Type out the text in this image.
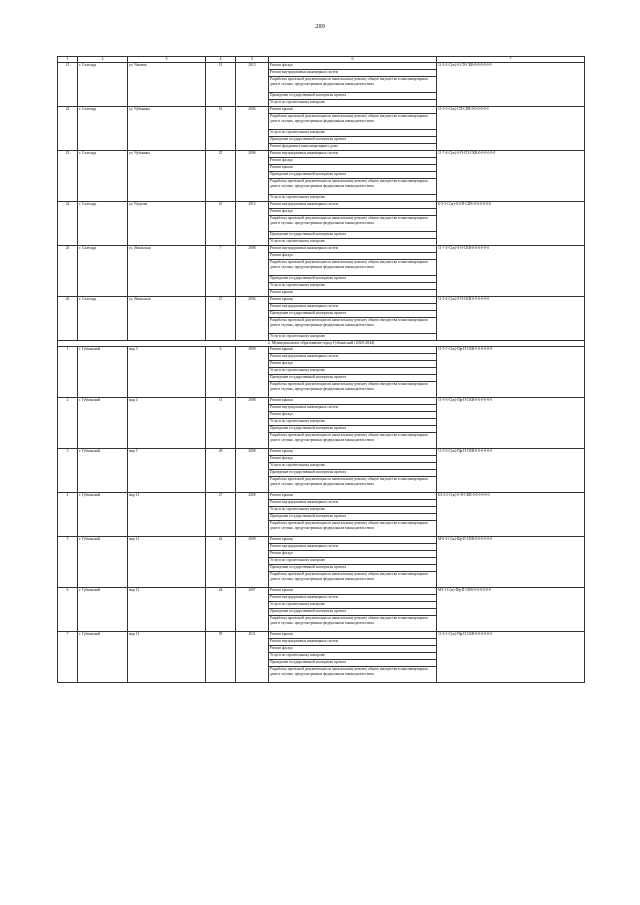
289
1	2	3	4	5	6	7
21	г. Салехард	ул. Чапаева	13	2013	Ремонт фасада	11-3-2-С(ж)-0-СП-СКВ-0-0-0-0-0-0
					Ремонт внутридомовых инженерных систем	
					Разработка проектной документации по капитальному ремонту общего имущества в многоквартирном доме в случаях, предусмотренных федеральным законодательством	
					Проведение государственной экспертизы проекта	
					Услуги по строительному контролю	
22	г. Салехард	ул. Чубынина	16	2004	Ремонт крыши	11-5-5-С(ж)-СП-СКВ-0-0-0-0-0-0
					Разработка проектной документации по капитальному ремонту общего имущества в многоквартирном доме в случаях, предусмотренных федеральным законодательством	
					Услуги по строительному контролю	
					Проведение государственной экспертизы проекта	
					Ремонт фундамента многоквартирного дома	
23	г. Салехард	ул. Чубынина	25	2006	Ремонт внутридомовых инженерных систем	11-7-4-С(ж)-0-П-СП-СКВ-0-0-0-0-0-0
					Ремонт фасада	
					Ремонт крыши	
					Проведение государственной экспертизы проекта	
					Разработка проектной документации по капитальному ремонту общего имущества в многоквартирном доме в случаях, предусмотренных федеральным законодательством	
					Услуги по строительному контролю	
24	г. Салехард	ул. Чупрова	10	2015	Ремонт внутридомовых инженерных систем	Б-5-3-С(ж)-0-0-П-СКВ-0-0-0-0-0-0
					Ремонт фасада	
					Разработка проектной документации по капитальному ремонту общего имущества в многоквартирном доме в случаях, предусмотренных федеральным законодательством	
					Проведение государственной экспертизы проекта	
					Услуги по строительному контролю	
25	г. Салехард	ул. Ямальская	7	2008	Ремонт внутридомовых инженерных систем	11-7-4-С(ж)-0-П-СКВ-0-0-0-0-0-0
					Ремонт фасада	
					Разработка проектной документации по капитальному ремонту общего имущества в многоквартирном доме в случаях, предусмотренных федеральным законодательством	
					Проведение государственной экспертизы проекта	
					Услуги по строительному контролю	
					Ремонт крыши	
26	г. Салехард	ул. Ямальская	27	2004	Ремонт крыши	11-5-2-С(ж)-0-П-СКВ-0-0-0-0-0-0
					Ремонт внутридомовых инженерных систем	
					Проведение государственной экспертизы проекта	
					Разработка проектной документации по капитальному ремонту общего имущества в многоквартирном доме в случаях, предусмотренных федеральным законодательством	
					Услуги по строительному контролю	
2. Муниципальное образование город Губкинский (2020-2044)						
1	г. Губкинский	мкр 3	6	2009	Ремонт крыши	11-5-7-С(ж)-Пф-П-СКВ-0-0-0-0-0-0
					Ремонт внутридомовых инженерных систем	
					Ремонт фасада	
					Услуги по строительному контролю	
					Проведение государственной экспертизы проекта	
					Разработка проектной документации по капитальному ремонту общего имущества в многоквартирном доме в случаях, предусмотренных федеральным законодательством	
2	г. Губкинский	мкр 4	13	2008	Ремонт крыши	11-5-5-С(ж)-Пф-П-СКВ-0-0-0-0-0-0
					Ремонт внутридомовых инженерных систем	
					Ремонт фасада	
					Услуги по строительному контролю	
					Проведение государственной экспертизы проекта	
					Разработка проектной документации по капитальному ремонту общего имущества в многоквартирном доме в случаях, предусмотренных федеральным законодательством	
3	г. Губкинский	мкр 5	28	2008	Ремонт крыши	11-5-3-С(ж)-Пф-П-СКВ-0-0-0-0-0-0
					Ремонт фасада	
					Услуги по строительному контролю	
					Проведение государственной экспертизы проекта	
					Разработка проектной документации по капитальному ремонту общего имущества в многоквартирном доме в случаях, предусмотренных федеральным законодательством	
4	г. Губкинский	мкр 12	27	2008	Ремонт крыши	БЗ-3-2-С(ж)-0-П-СКВ-0-0-0-0-0-0
					Ремонт внутридомовых инженерных систем	
					Услуги по строительному контролю	
					Проведение государственной экспертизы проекта	
					Разработка проектной документации по капитальному ремонту общего имущества в многоквартирном доме в случаях, предусмотренных федеральным законодательством	
5	г. Губкинский	мкр 12	42	2009	Ремонт крыши	М-0-3-С(ж)-Пф-П-СКВ-0-0-0-0-0-0
					Ремонт внутридомовых инженерных систем	
					Ремонт фасада	
					Услуги по строительному контролю	
					Проведение государственной экспертизы проекта	
					Разработка проектной документации по капитальному ремонту общего имущества в многоквартирном доме в случаях, предусмотренных федеральным законодательством	
6	г. Губкинский	мкр 13	44	2007	Ремонт крыши	МЗ-1-С(ж)-Пф-П-СКВ-0-0-0-0-0-0
					Ремонт внутридомовых инженерных систем	
					Услуги по строительному контролю	
					Проведение государственной экспертизы проекта	
					Разработка проектной документации по капитальному ремонту общего имущества в многоквартирном доме в случаях, предусмотренных федеральным законодательством	
7	г. Губкинский	мкр 13	59	2011	Ремонт крыши	11-3-1-С(ж)-Пф-П-СКВ-0-0-0-0-0-0
					Ремонт внутридомовых инженерных систем	
					Ремонт фасада	
					Услуги по строительному контролю	
					Проведение государственной экспертизы проекта	
					Разработка проектной документации по капитальному ремонту общего имущества в многоквартирном доме в случаях, предусмотренных федеральным законодательством	
